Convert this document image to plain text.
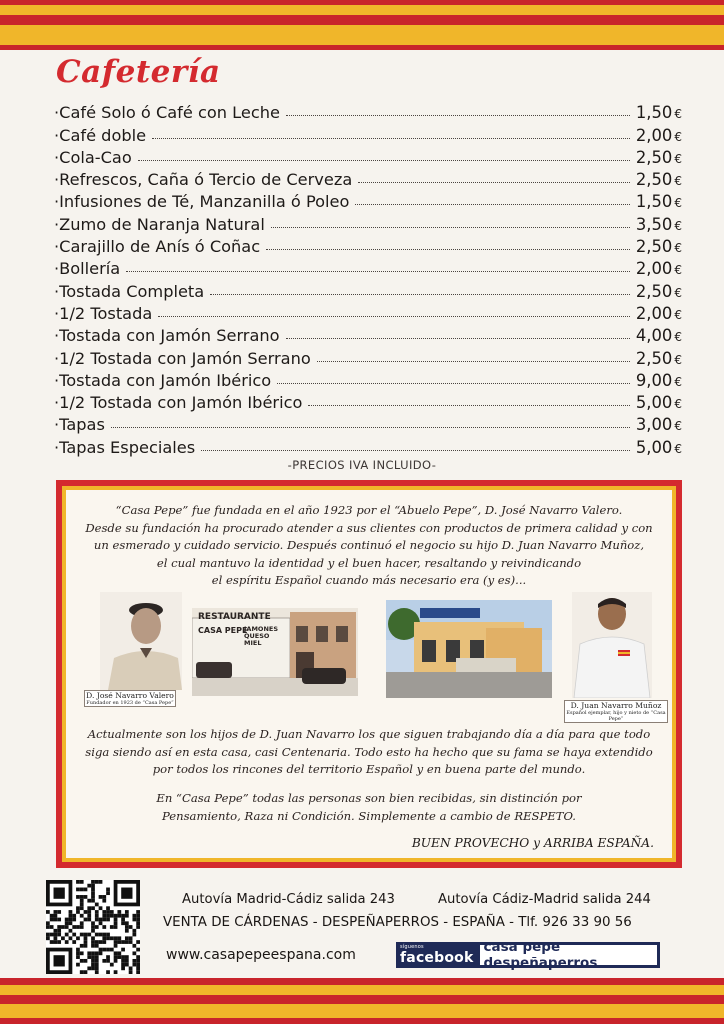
Cafetería
·Café Solo ó Café con Leche	1,50 €
·Café doble	2,00 €
·Cola-Cao	2,50 €
·Refrescos, Caña ó Tercio de Cerveza	2,50 €
·Infusiones de Té, Manzanilla ó Poleo	1,50 €
·Zumo de Naranja Natural	3,50 €
·Carajillo de Anís ó Coñac	2,50 €
·Bollería	2,00 €
·Tostada Completa	2,50 €
·1/2 Tostada	2,00 €
·Tostada con Jamón Serrano	4,00 €
·1/2 Tostada con Jamón Serrano	2,50 €
·Tostada con Jamón Ibérico	9,00 €
·1/2 Tostada con Jamón Ibérico	5,00 €
·Tapas	3,00 €
·Tapas Especiales	5,00 €
-PRECIOS IVA INCLUIDO-
“Casa Pepe” fue fundada en el año 1923 por el “Abuelo Pepe”, D. José Navarro Valero.
Desde su fundación ha procurado atender a sus clientes con productos de primera calidad y con
un esmerado y cuidado servicio. Después continuó el negocio su hijo D. Juan Navarro Muñoz,
el cual mantuvo la identidad y el buen hacer, resaltando y reivindicando
el espíritu Español cuando más necesario era (y es)...
D. José Navarro Valero
Fundador en 1923 de “Casa Pepe”
RESTAURANTE
CASA PEPE
JAMONES QUESO MIEL
D. Juan Navarro Muñoz
Español ejemplar, hijo y nieto de “Casa Pepe”
Actualmente son los hijos de D. Juan Navarro los que siguen trabajando día a día para que todo
siga siendo así en esta casa, casi Centenaria. Todo esto ha hecho que su fama se haya extendido
por todos los rincones del territorio Español y en buena parte del mundo.
En “Casa Pepe” todas las personas son bien recibidas, sin distinción por
Pensamiento, Raza ni Condición. Simplemente a cambio de RESPETO.
BUEN PROVECHO y ARRIBA ESPAÑA.
Autovía Madrid-Cádiz salida 243	Autovía Cádiz-Madrid salida 244
VENTA DE CÁRDENAS - DESPEÑAPERROS - ESPAÑA - Tlf. 926 33 90 56
www.casapepeespana.com
síguenos
facebook
casa pepe despeñaperros
